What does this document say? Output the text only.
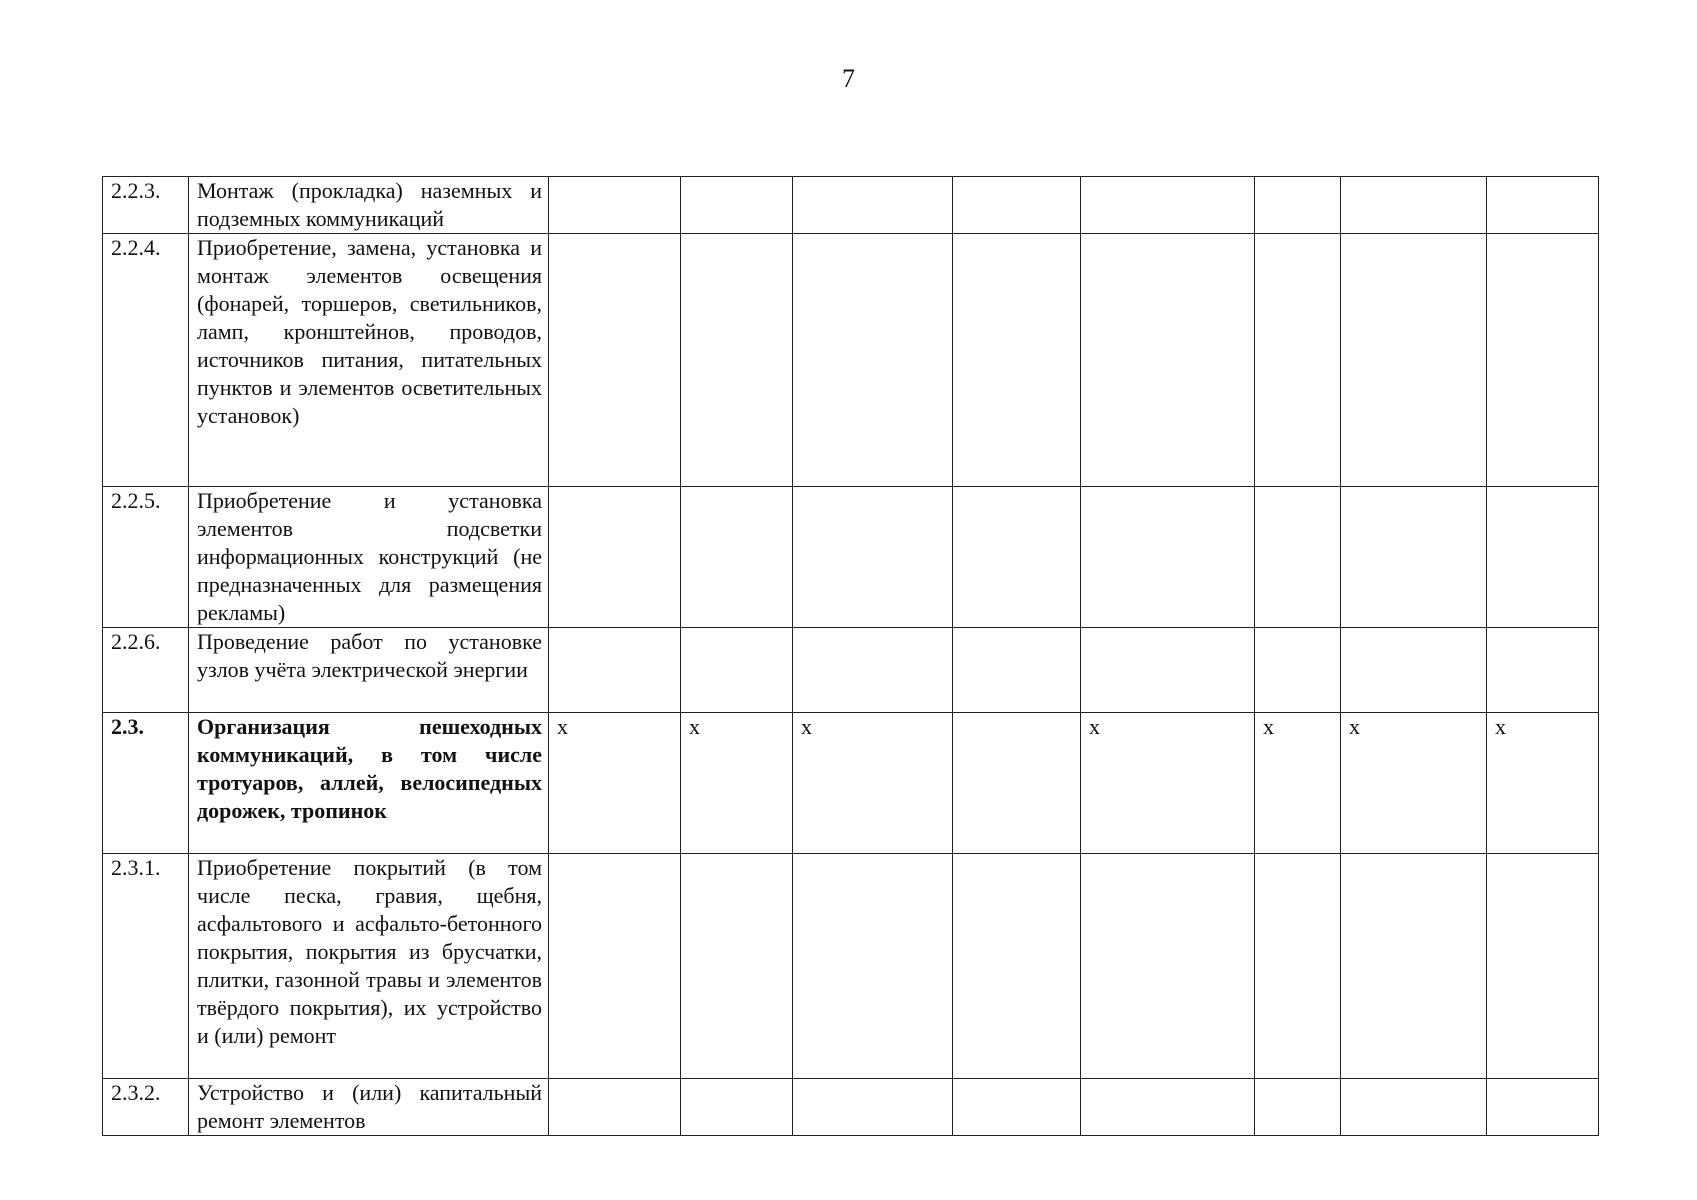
7
2.2.3.	Монтаж (прокладка) наземных и подземных коммуникаций								
2.2.4.	Приобретение, замена, установка и монтаж элементов освещения (фонарей, торшеров, светильников, ламп, кронштейнов, проводов, источников питания, питательных пунктов и элементов осветительных установок)								
2.2.5.	Приобретение и установка элементов подсветки информационных конструкций (не предназначенных для размещения рекламы)								
2.2.6.	Проведение работ по установке узлов учёта электрической энергии								
2.3.	Организация пешеходных коммуникаций, в том числе тротуаров, аллей, велосипедных дорожек, тропинок	x	x	x		x	x	x	x
2.3.1.	Приобретение покрытий (в том числе песка, гравия, щебня, асфальтового и асфальто-бетонного покрытия, покрытия из брусчатки, плитки, газонной травы и элементов твёрдого покрытия), их устройство и (или) ремонт								
2.3.2.	Устройство и (или) капитальный ремонт элементов								
